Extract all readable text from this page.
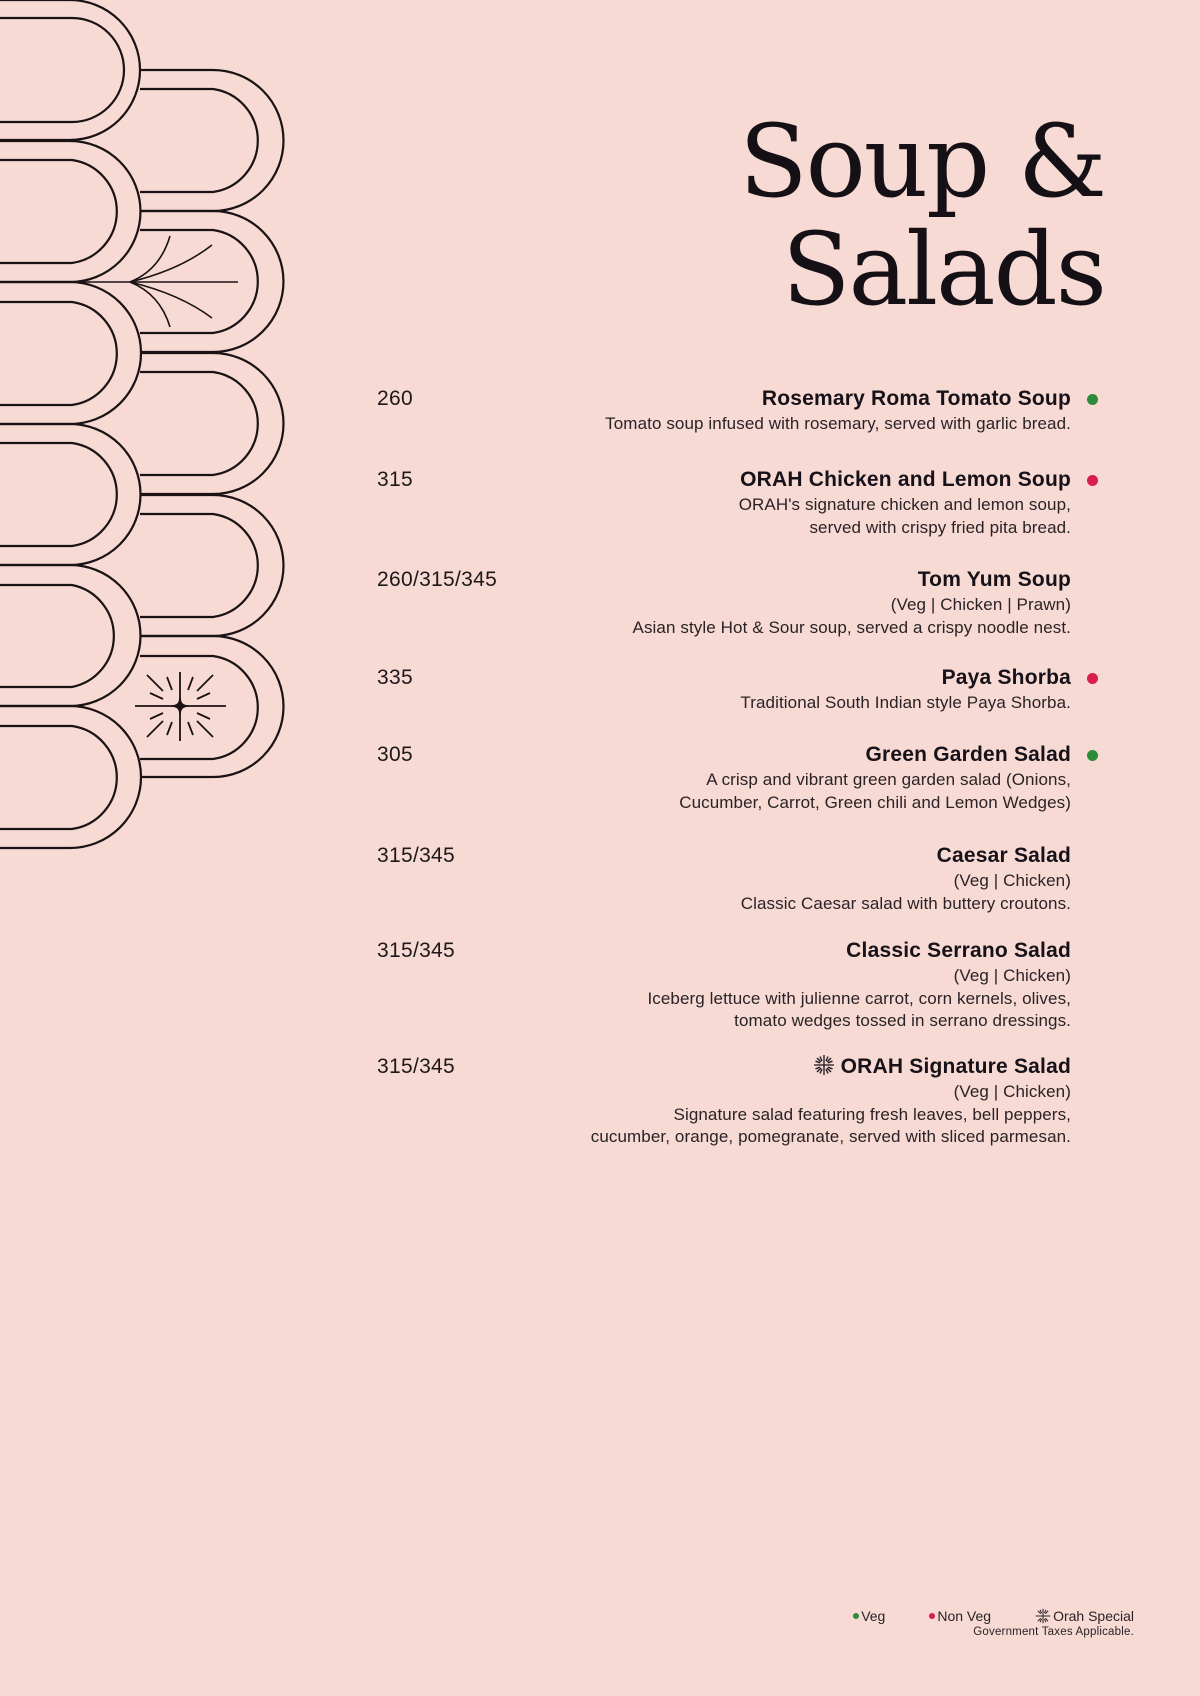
Soup &
Salads
260	Rosemary Roma Tomato Soup
Tomato soup infused with rosemary, served with garlic bread.
315	ORAH Chicken and Lemon Soup
ORAH's signature chicken and lemon soup,
served with crispy fried pita bread.
260/315/345	Tom Yum Soup
(Veg | Chicken | Prawn)
Asian style Hot & Sour soup, served a crispy noodle nest.
335	Paya Shorba
Traditional South Indian style Paya Shorba.
305	Green Garden Salad
A crisp and vibrant green garden salad (Onions,
Cucumber, Carrot, Green chili and Lemon Wedges)
315/345	Caesar Salad
(Veg | Chicken)
Classic Caesar salad with buttery croutons.
315/345	Classic Serrano Salad
(Veg | Chicken)
Iceberg lettuce with julienne carrot, corn kernels, olives,
tomato wedges tossed in serrano dressings.
315/345	ORAH Signature Salad
(Veg | Chicken)
Signature salad featuring fresh leaves, bell peppers,
cucumber, orange, pomegranate, served with sliced parmesan.
Veg	Non Veg	Orah Special
Government Taxes Applicable.
